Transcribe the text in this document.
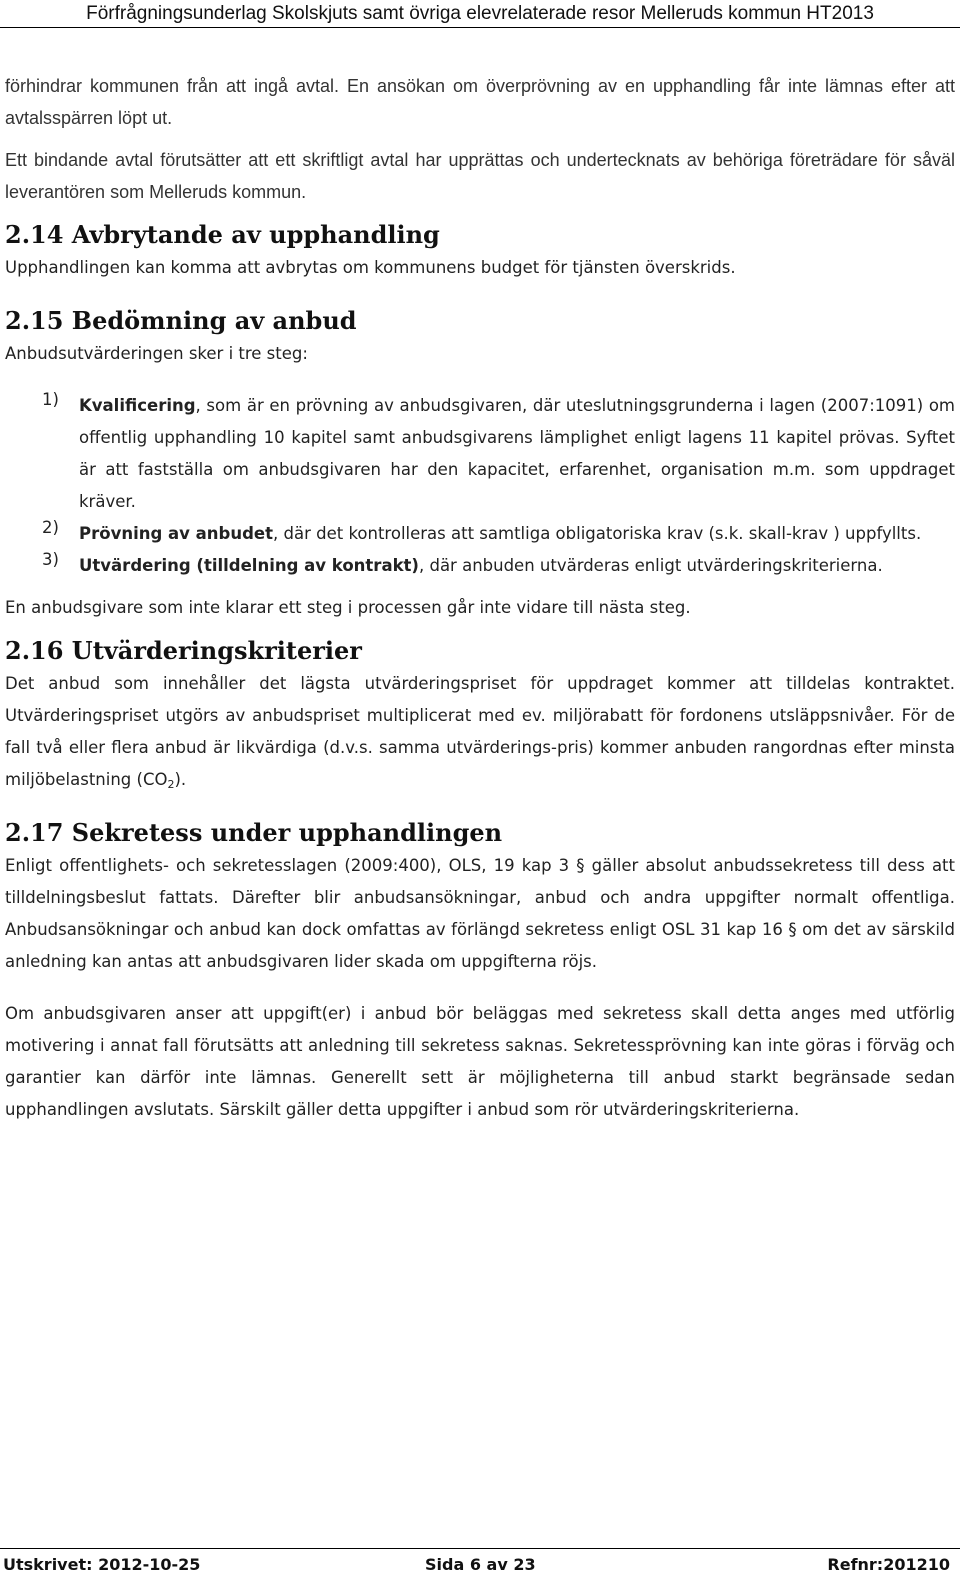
Förfrågningsunderlag Skolskjuts samt övriga elevrelaterade resor Melleruds kommun HT2013

förhindrar kommunen från att ingå avtal. En ansökan om överprövning av en upphandling får inte lämnas efter att avtalsspärren löpt ut.

Ett bindande avtal förutsätter att ett skriftligt avtal har upprättas och undertecknats av behöriga företrädare för såväl leverantören som Melleruds kommun.

2.14 Avbrytande av upphandling

Upphandlingen kan komma att avbrytas om kommunens budget för tjänsten överskrids.

2.15 Bedömning av anbud

Anbudsutvärderingen sker i tre steg:

1)	Kvalificering, som är en prövning av anbudsgivaren, där uteslutningsgrunderna i lagen (2007:1091) om offentlig upphandling 10 kapitel samt anbudsgivarens lämplighet enligt lagens 11 kapitel prövas. Syftet är att fastställa om anbudsgivaren har den kapacitet, erfarenhet, organisation m.m. som uppdraget kräver.

2)	Prövning av anbudet, där det kontrolleras att samtliga obligatoriska krav (s.k. skall-krav ) uppfyllts.

3)	Utvärdering (tilldelning av kontrakt), där anbuden utvärderas enligt utvärderingskriterierna.

En anbudsgivare som inte klarar ett steg i processen går inte vidare till nästa steg.

2.16 Utvärderingskriterier

Det anbud som innehåller det lägsta utvärderingspriset för uppdraget kommer att tilldelas kontraktet. Utvärderingspriset utgörs av anbudspriset multiplicerat med ev. miljörabatt för fordonens utsläppsnivåer. För de fall två eller flera anbud är likvärdiga (d.v.s. samma utvärderings-pris) kommer anbuden rangordnas efter minsta miljöbelastning $(CO_2)$.

2.17 Sekretess under upphandlingen

Enligt offentlighets- och sekretesslagen (2009:400), OLS, 19 kap 3 § gäller absolut anbudssekretess till dess att tilldelningsbeslut fattats. Därefter blir anbudsansökningar, anbud och andra uppgifter normalt offentliga. Anbudsansökningar och anbud kan dock omfattas av förlängd sekretess enligt OSL 31 kap 16 § om det av särskild anledning kan antas att anbudsgivaren lider skada om uppgifterna röjs.

Om anbudsgivaren anser att uppgift(er) i anbud bör beläggas med sekretess skall detta anges med utförlig motivering i annat fall förutsätts att anledning till sekretess saknas. Sekretessprövning kan inte göras i förväg och garantier kan därför inte lämnas. Generellt sett är möjligheterna till anbud starkt begränsade sedan upphandlingen avslutats. Särskilt gäller detta uppgifter i anbud som rör utvärderingskriterierna.

Utskrivet: 2012-10-25	Sida 6 av 23	Refnr:201210
